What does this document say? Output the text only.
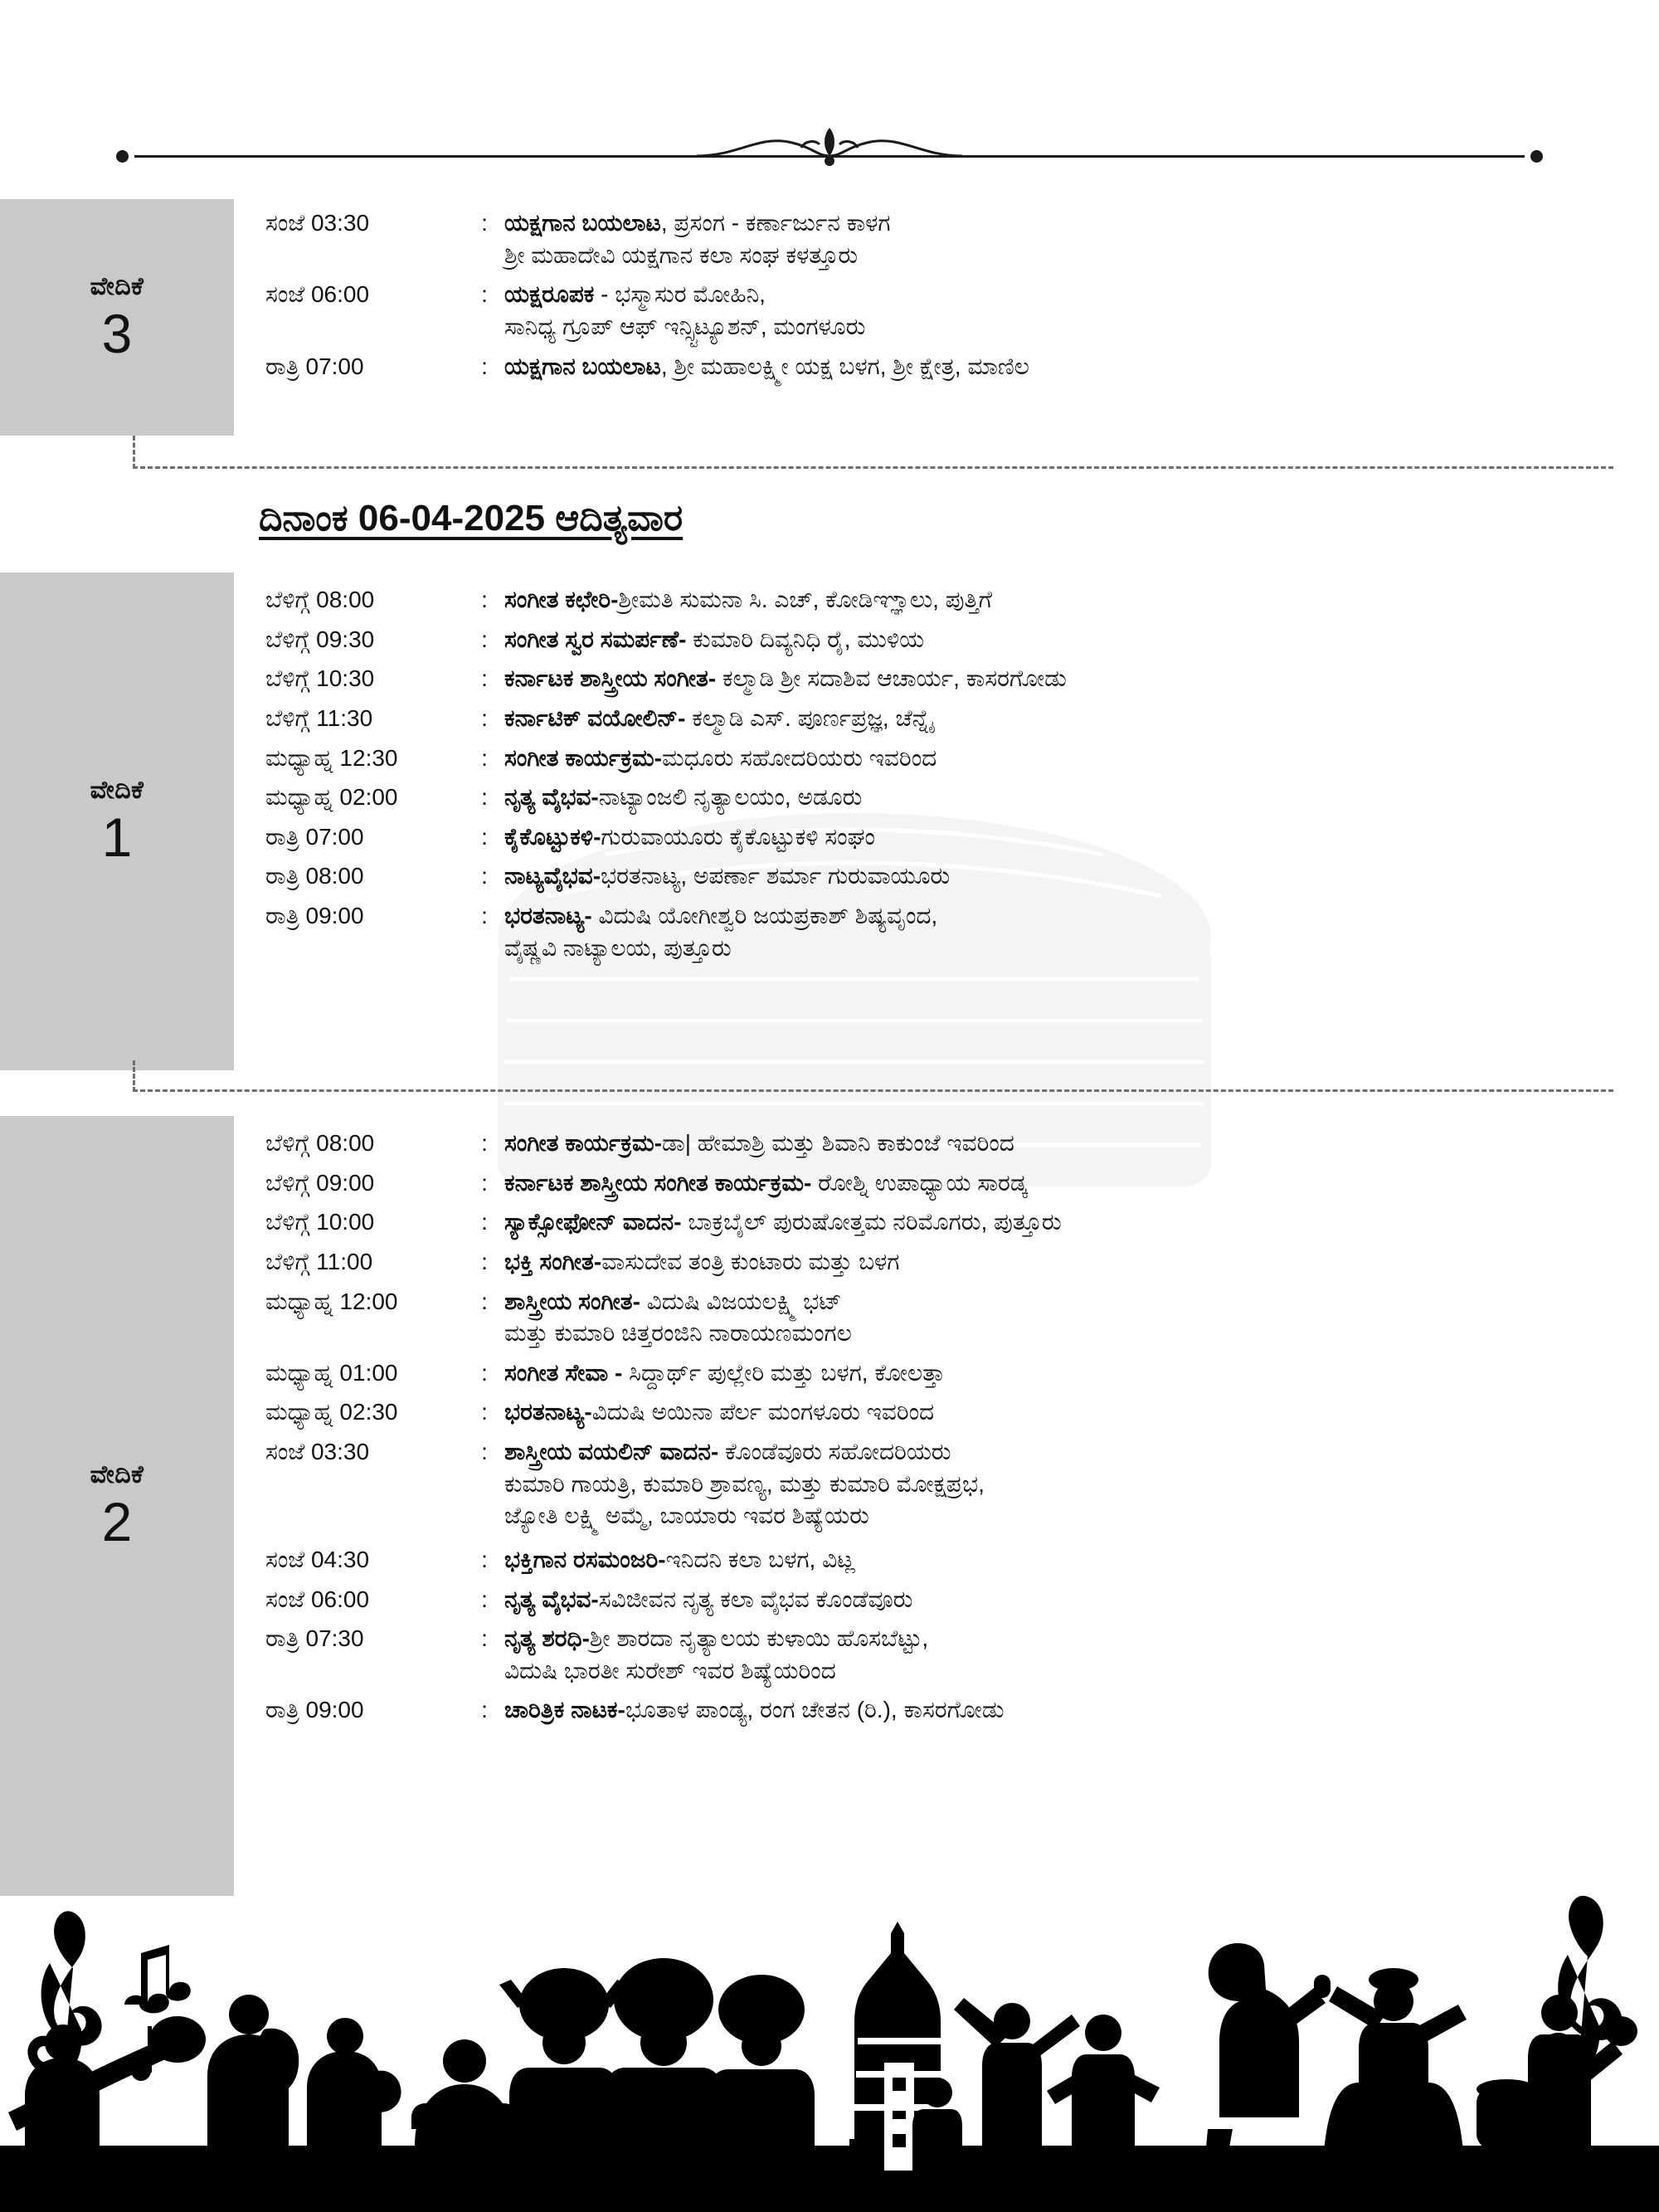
ವೇದಿಕೆ
3
ಸಂಜೆ 03:30	: ಯಕ್ಷಗಾನ ಬಯಲಾಟ, ಪ್ರಸಂಗ - ಕರ್ಣಾರ್ಜುನ ಕಾಳಗ
ಶ್ರೀ ಮಹಾದೇವಿ ಯಕ್ಷಗಾನ ಕಲಾ ಸಂಘ ಕಳತ್ತೂರು
ಸಂಜೆ 06:00	: ಯಕ್ಷರೂಪಕ - ಭಸ್ಮಾಸುರ ಮೋಹಿನಿ,
ಸಾನಿಧ್ಯ ಗ್ರೂಪ್ ಆಫ್ ಇನ್ಸ್ಟಿಟ್ಯೂಶನ್, ಮಂಗಳೂರು
ರಾತ್ರಿ 07:00	: ಯಕ್ಷಗಾನ ಬಯಲಾಟ, ಶ್ರೀ ಮಹಾಲಕ್ಷ್ಮೀ ಯಕ್ಷ ಬಳಗ, ಶ್ರೀ ಕ್ಷೇತ್ರ, ಮಾಣಿಲ
ದಿನಾಂಕ 06-04-2025 ಆದಿತ್ಯವಾರ
ವೇದಿಕೆ
1
ಬೆಳಿಗ್ಗೆ 08:00	: ಸಂಗೀತ ಕಛೇರಿ-ಶ್ರೀಮತಿ ಸುಮನಾ ಸಿ. ಎಚ್, ಕೋಡಿಞ್ಞಾಲು, ಪುತ್ತಿಗೆ
ಬೆಳಿಗ್ಗೆ 09:30	: ಸಂಗೀತ ಸ್ವರ ಸಮರ್ಪಣೆ- ಕುಮಾರಿ ದಿವ್ಯನಿಧಿ ರೈ, ಮುಳಿಯ
ಬೆಳಿಗ್ಗೆ 10:30	: ಕರ್ನಾಟಕ ಶಾಸ್ತ್ರೀಯ ಸಂಗೀತ- ಕಲ್ಮಾಡಿ ಶ್ರೀ ಸದಾಶಿವ ಆಚಾರ್ಯ, ಕಾಸರಗೋಡು
ಬೆಳಿಗ್ಗೆ 11:30	: ಕರ್ನಾಟಿಕ್ ವಯೋಲಿನ್- ಕಲ್ಮಾಡಿ ಎಸ್. ಪೂರ್ಣಪ್ರಜ್ಞ, ಚೆನ್ನೈ
ಮಧ್ಯಾಹ್ನ 12:30	: ಸಂಗೀತ ಕಾರ್ಯಕ್ರಮ-ಮಧೂರು ಸಹೋದರಿಯರು ಇವರಿಂದ
ಮಧ್ಯಾಹ್ನ 02:00	: ನೃತ್ಯ ವೈಭವ-ನಾಟ್ಯಾಂಜಲಿ ನೃತ್ಯಾಲಯಂ, ಅಡೂರು
ರಾತ್ರಿ 07:00	: ಕೈಕೊಟ್ಟುಕಳಿ-ಗುರುವಾಯೂರು ಕೈಕೊಟ್ಟುಕಳಿ ಸಂಘಂ
ರಾತ್ರಿ 08:00	: ನಾಟ್ಯವೈಭವ-ಭರತನಾಟ್ಯ, ಅಪರ್ಣಾ ಶರ್ಮಾ ಗುರುವಾಯೂರು
ರಾತ್ರಿ 09:00	: ಭರತನಾಟ್ಯ- ವಿದುಷಿ ಯೋಗೀಶ್ವರಿ ಜಯಪ್ರಕಾಶ್ ಶಿಷ್ಯವೃಂದ,
ವೈಷ್ಣವಿ ನಾಟ್ಯಾಲಯ, ಪುತ್ತೂರು
ವೇದಿಕೆ
2
ಬೆಳಿಗ್ಗೆ 08:00	: ಸಂಗೀತ ಕಾರ್ಯಕ್ರಮ-ಡಾ| ಹೇಮಾಶ್ರಿ ಮತ್ತು ಶಿವಾನಿ ಕಾಕುಂಜೆ ಇವರಿಂದ
ಬೆಳಿಗ್ಗೆ 09:00	: ಕರ್ನಾಟಕ ಶಾಸ್ತ್ರೀಯ ಸಂಗೀತ ಕಾರ್ಯಕ್ರಮ- ರೋಶ್ನಿ ಉಪಾಧ್ಯಾಯ ಸಾರಡ್ಕ
ಬೆಳಿಗ್ಗೆ 10:00	: ಸ್ಯಾಕ್ಸೋಫೋನ್ ವಾದನ- ಬಾಕ್ರಬೈಲ್ ಪುರುಷೋತ್ತಮ ನರಿಮೊಗರು, ಪುತ್ತೂರು
ಬೆಳಿಗ್ಗೆ 11:00	: ಭಕ್ತಿ ಸಂಗೀತ-ವಾಸುದೇವ ತಂತ್ರಿ ಕುಂಟಾರು ಮತ್ತು ಬಳಗ
ಮಧ್ಯಾಹ್ನ 12:00	: ಶಾಸ್ತ್ರೀಯ ಸಂಗೀತ- ವಿದುಷಿ ವಿಜಯಲಕ್ಷ್ಮಿ ಭಟ್
ಮತ್ತು ಕುಮಾರಿ ಚಿತ್ತರಂಜಿನಿ ನಾರಾಯಣಮಂಗಲ
ಮಧ್ಯಾಹ್ನ 01:00	: ಸಂಗೀತ ಸೇವಾ - ಸಿದ್ದಾರ್ಥ್ ಪುಲ್ಲೇರಿ ಮತ್ತು ಬಳಗ, ಕೋಲತ್ತಾ
ಮಧ್ಯಾಹ್ನ 02:30	: ಭರತನಾಟ್ಯ-ವಿದುಷಿ ಅಯಿನಾ ಪೆರ್ಲ ಮಂಗಳೂರು ಇವರಿಂದ
ಸಂಜೆ 03:30	: ಶಾಸ್ತ್ರೀಯ ವಯಲಿನ್ ವಾದನ- ಕೊಂಡೆವೂರು ಸಹೋದರಿಯರು
ಕುಮಾರಿ ಗಾಯತ್ರಿ, ಕುಮಾರಿ ಶ್ರಾವಣ್ಯ, ಮತ್ತು ಕುಮಾರಿ ಮೋಕ್ಷಪ್ರಭ,
ಜ್ಯೋತಿ ಲಕ್ಷ್ಮಿ ಅಮ್ಮೆ, ಬಾಯಾರು ಇವರ ಶಿಷ್ಯೆಯರು
ಸಂಜೆ 04:30	: ಭಕ್ತಿಗಾನ ರಸಮಂಜರಿ-ಇನಿದನಿ ಕಲಾ ಬಳಗ, ವಿಟ್ಲ
ಸಂಜೆ 06:00	: ನೃತ್ಯ ವೈಭವ-ಸವಿಜೀವನ ನೃತ್ಯ ಕಲಾ ವೈಭವ ಕೊಂಡೆವೂರು
ರಾತ್ರಿ 07:30	: ನೃತ್ಯ ಶರಧಿ-ಶ್ರೀ ಶಾರದಾ ನೃತ್ಯಾಲಯ ಕುಳಾಯಿ ಹೊಸಬೆಟ್ಟು,
ವಿದುಷಿ ಭಾರತೀ ಸುರೇಶ್ ಇವರ ಶಿಷ್ಯೆಯರಿಂದ
ರಾತ್ರಿ 09:00	: ಚಾರಿತ್ರಿಕ ನಾಟಕ-ಭೂತಾಳ ಪಾಂಡ್ಯ, ರಂಗ ಚೇತನ (ರಿ.), ಕಾಸರಗೋಡು
